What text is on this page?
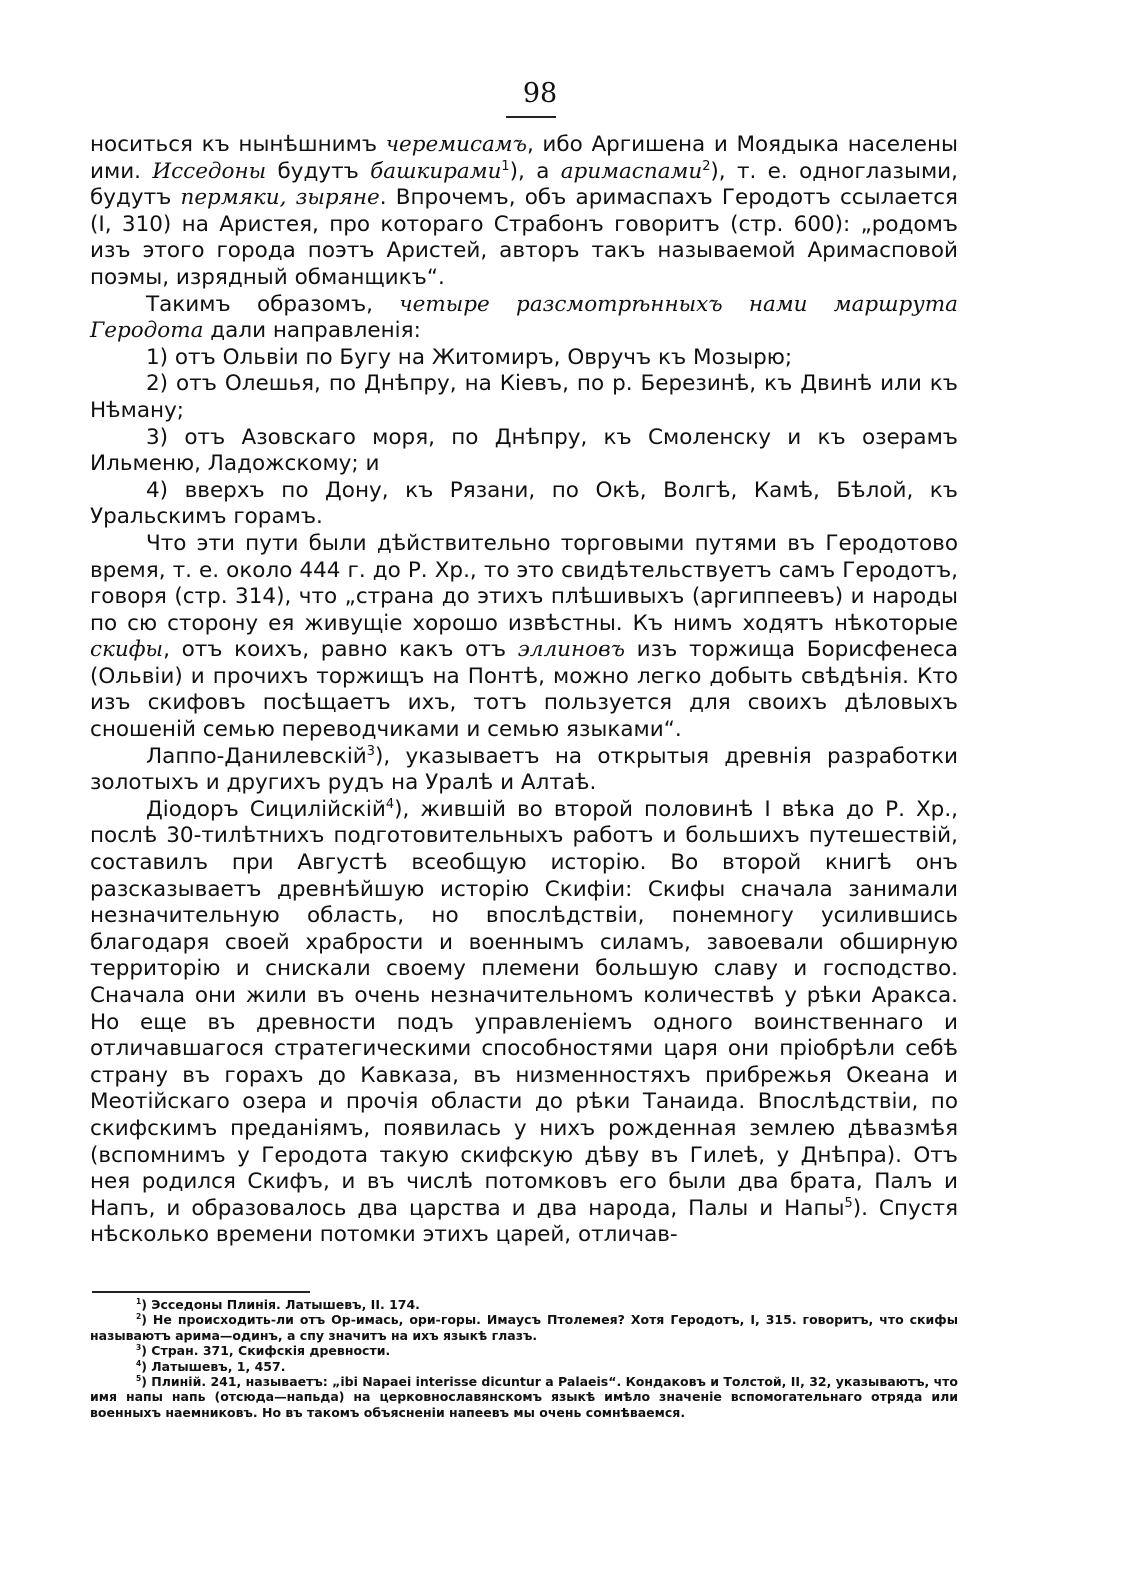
98

носиться къ нынѣшнимъ черемисамъ, ибо Аргишена и Моядыка населены ими. Исседоны будутъ башкирами$^1$), а аримаспами$^2$), т. е. одноглазыми, будутъ пермяки, зыряне. Впрочемъ, объ аримаспахъ Геродотъ ссылается (I, 310) на Аристея, про котораго Страбонъ говоритъ (стр. 600): „родомъ изъ этого города поэтъ Аристей, авторъ такъ называемой Аримасповой поэмы, изрядный обманщикъ“.

Такимъ образомъ, четыре разсмотрѣнныхъ нами маршрута Геродота дали направленія:

1) отъ Ольвіи по Бугу на Житомиръ, Овручъ къ Мозырю;

2) отъ Олешья, по Днѣпру, на Кіевъ, по р. Березинѣ, къ Двинѣ или къ Нѣману;

3) отъ Азовскаго моря, по Днѣпру, къ Смоленску и къ озерамъ Ильменю, Ладожскому; и

4) вверхъ по Дону, къ Рязани, по Окѣ, Волгѣ, Камѣ, Бѣлой, къ Уральскимъ горамъ.

Что эти пути были дѣйствительно торговыми путями въ Геродотово время, т. е. около 444 г. до Р. Хр., то это свидѣтельствуетъ самъ Геродотъ, говоря (стр. 314), что „страна до этихъ плѣшивыхъ (аргиппеевъ) и народы по сю сторону ея живущіе хорошо извѣстны. Къ нимъ ходятъ нѣкоторые скифы, отъ коихъ, равно какъ отъ эллиновъ изъ торжища Борисфенеса (Ольвіи) и прочихъ торжищъ на Понтѣ, можно легко добыть свѣдѣнія. Кто изъ скифовъ посѣщаетъ ихъ, тотъ пользуется для своихъ дѣловыхъ сношеній семью переводчиками и семью языками“.

Лаппо-Данилевскій$^3$), указываетъ на открытыя древнія разработки золотыхъ и другихъ рудъ на Уралѣ и Алтаѣ.

Діодоръ Сицилійскій$^4$), жившій во второй половинѣ I вѣка до Р. Хр., послѣ 30-тилѣтнихъ подготовительныхъ работъ и большихъ путешествій, составилъ при Августѣ всеобщую исторію. Во второй книгѣ онъ разсказываетъ древнѣйшую исторію Скифіи: Скифы сначала занимали незначительную область, но впослѣдствіи, понемногу усилившись благодаря своей храбрости и военнымъ силамъ, завоевали обширную территорію и снискали своему племени большую славу и господство. Сначала они жили въ очень незначительномъ количествѣ у рѣки Аракса. Но еще въ древности подъ управленіемъ одного воинственнаго и отличавшагося стратегическими способностями царя они пріобрѣли себѣ страну въ горахъ до Кавказа, въ низменностяхъ прибрежья Океана и Меотійскаго озера и прочія области до рѣки Танаида. Впослѣдствіи, по скифскимъ преданіямъ, появилась у нихъ рожденная землею дѣвазмѣя (вспомнимъ у Геродота такую скифскую дѣву въ Гилеѣ, у Днѣпра). Отъ нея родился Скифъ, и въ числѣ потомковъ его были два брата, Палъ и Напъ, и образовалось два царства и два народа, Палы и Напы$^5$). Спустя нѣсколько времени потомки этихъ царей, отличав-

$^1$) Эсседоны Плинія. Латышевъ, II. 174.

$^2$) Не происходить-ли отъ Ор-имась, ори-горы. Имаусъ Птолемея? Хотя Геродотъ, I, 315. говоритъ, что скифы называютъ арима—одинъ, а спу значитъ на ихъ языкѣ глазъ.

$^3$) Стран. 371, Скифскія древности.

$^4$) Латышевъ, 1, 457.

$^5$) Плиній. 241, называетъ: „ibi Napaei interisse dicuntur a Palaeis“. Кондаковъ и Толстой, II, 32, указываютъ, что имя напы напь (отсюда—напьда) на церковнославянскомъ языкѣ имѣло значеніе вспомогательнаго отряда или военныхъ наемниковъ. Но въ такомъ объясненіи напеевъ мы очень сомнѣваемся.
